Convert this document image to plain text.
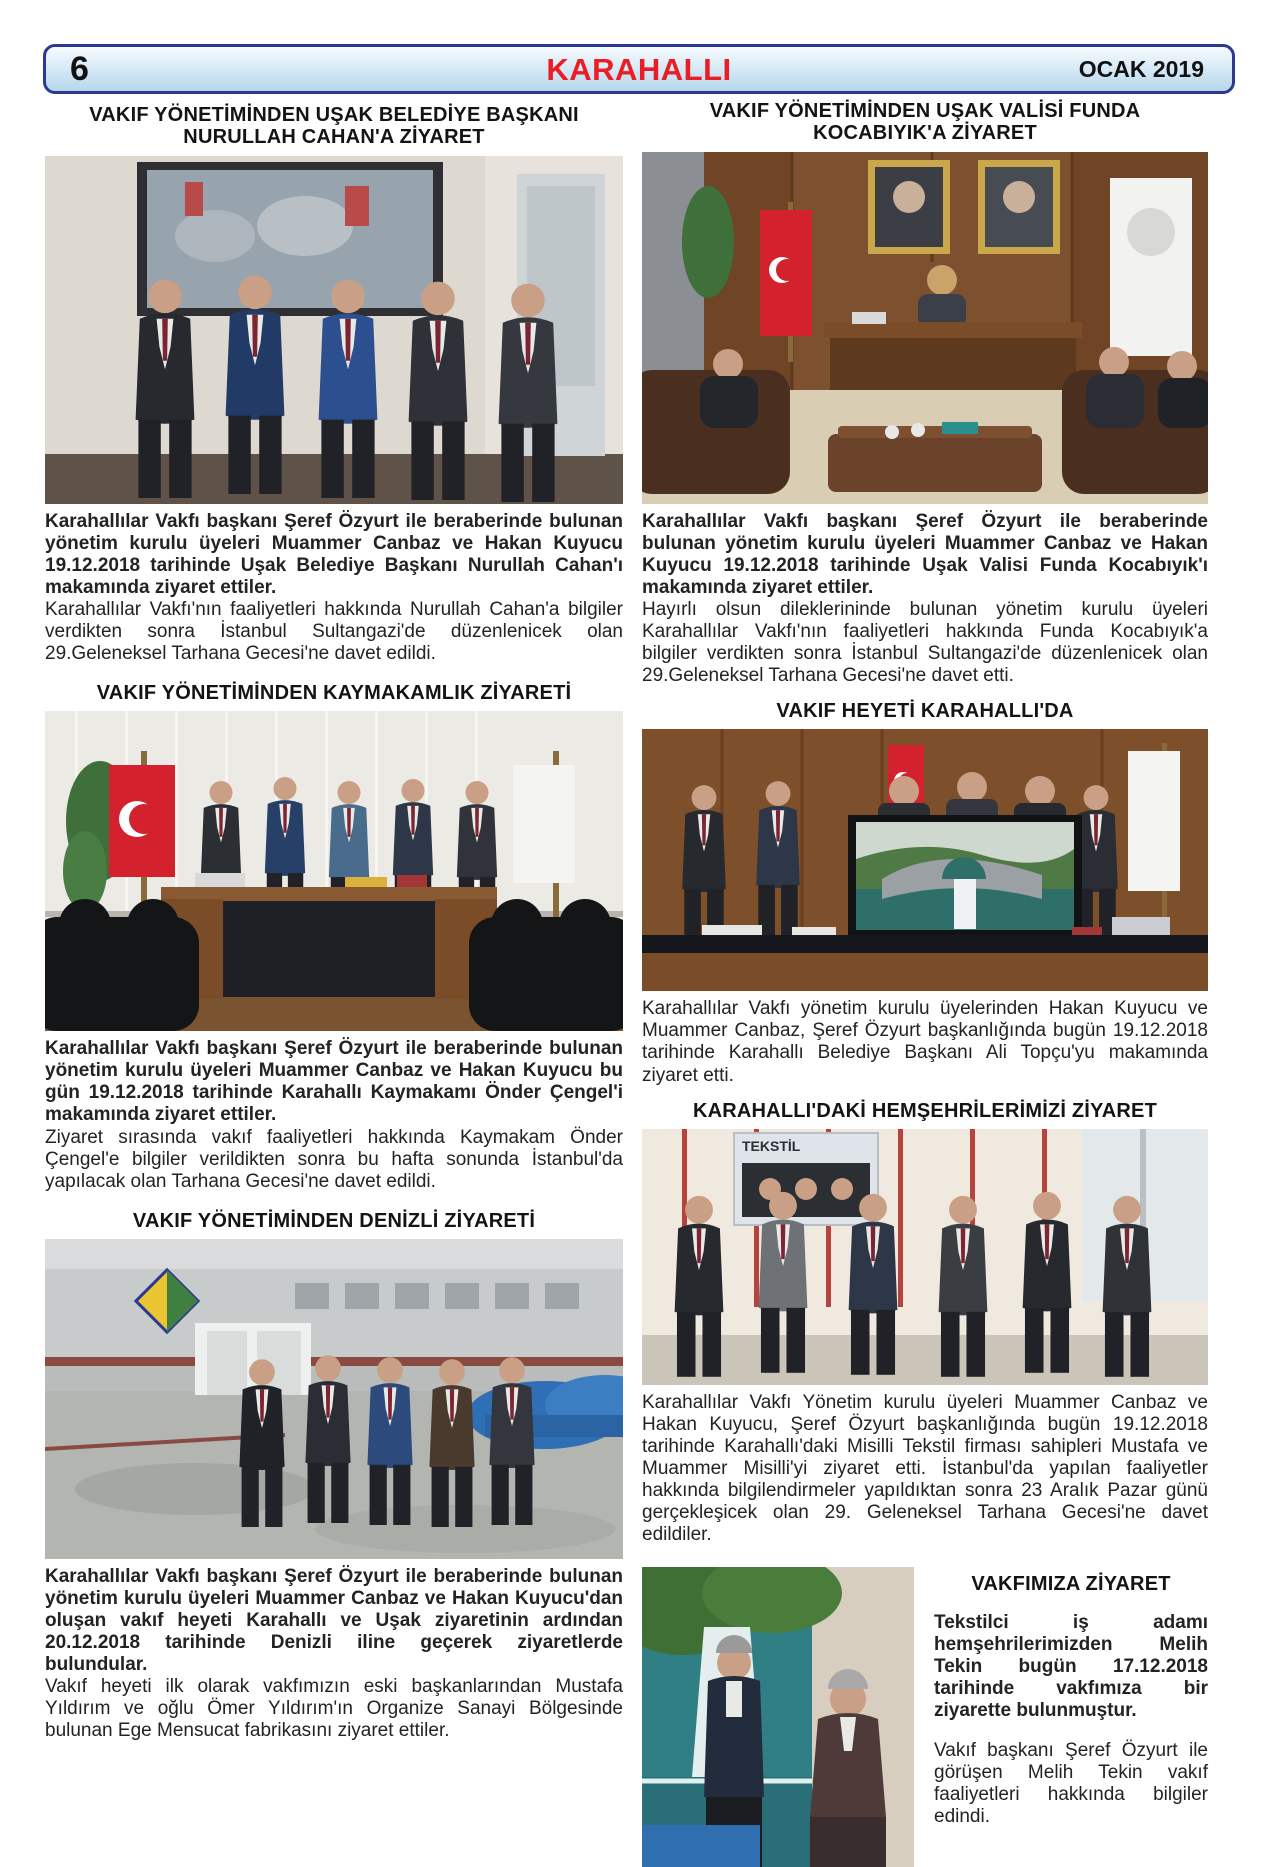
6	KARAHALLI	OCAK 2019
VAKIF YÖNETİMİNDEN UŞAK BELEDİYE BAŞKANI NURULLAH CAHAN'A ZİYARET

Karahallılar Vakfı başkanı Şeref Özyurt ile beraberinde bulunan yönetim kurulu üyeleri Muammer Canbaz ve Hakan Kuyucu 19.12.2018 tarihinde Uşak Belediye Başkanı Nurullah Cahan'ı makamında ziyaret ettiler.

Karahallılar Vakfı'nın faaliyetleri hakkında Nurullah Cahan'a bilgiler verdikten sonra İstanbul Sultangazi'de düzenlenicek olan 29.Geleneksel Tarhana Gecesi'ne davet edildi.

VAKIF YÖNETİMİNDEN KAYMAKAMLIK ZİYARETİ

Karahallılar Vakfı başkanı Şeref Özyurt ile beraberinde bulunan yönetim kurulu üyeleri Muammer Canbaz ve Hakan Kuyucu bu gün 19.12.2018 tarihinde Karahallı Kaymakamı Önder Çengel'i makamında ziyaret ettiler.

Ziyaret sırasında vakıf faaliyetleri hakkında Kaymakam Önder Çengel'e bilgiler verildikten sonra bu hafta sonunda İstanbul'da yapılacak olan Tarhana Gecesi'ne davet edildi.

VAKIF YÖNETİMİNDEN DENİZLİ ZİYARETİ

Karahallılar Vakfı başkanı Şeref Özyurt ile beraberinde bulunan yönetim kurulu üyeleri Muammer Canbaz ve Hakan Kuyucu'dan oluşan vakıf heyeti Karahallı ve Uşak ziyaretinin ardından 20.12.2018 tarihinde Denizli iline geçerek ziyaretlerde bulundular.

Vakıf heyeti ilk olarak vakfımızın eski başkanlarından Mustafa Yıldırım ve oğlu Ömer Yıldırım'ın Organize Sanayi Bölgesinde bulunan Ege Mensucat fabrikasını ziyaret ettiler.

VAKIF YÖNETİMİNDEN UŞAK VALİSİ FUNDA KOCABIYIK'A ZİYARET

Karahallılar Vakfı başkanı Şeref Özyurt ile beraberinde bulunan yönetim kurulu üyeleri Muammer Canbaz ve Hakan Kuyucu 19.12.2018 tarihinde Uşak Valisi Funda Kocabıyık'ı makamında ziyaret ettiler.

Hayırlı olsun dileklerininde bulunan yönetim kurulu üyeleri Karahallılar Vakfı'nın faaliyetleri hakkında Funda Kocabıyık'a bilgiler verdikten sonra İstanbul Sultangazi'de düzenlenicek olan 29.Geleneksel Tarhana Gecesi'ne davet etti.

VAKIF HEYETİ KARAHALLI'DA

Karahallılar Vakfı yönetim kurulu üyelerinden Hakan Kuyucu ve Muammer Canbaz, Şeref Özyurt başkanlığında bugün 19.12.2018 tarihinde Karahallı Belediye Başkanı Ali Topçu'yu makamında ziyaret etti.

KARAHALLI'DAKİ HEMŞEHRİLERİMİZİ ZİYARET
TEKSTİL

Karahallılar Vakfı Yönetim kurulu üyeleri Muammer Canbaz ve Hakan Kuyucu, Şeref Özyurt başkanlığında bugün 19.12.2018 tarihinde Karahallı'daki Misilli Tekstil firması sahipleri Mustafa ve Muammer Misilli'yi ziyaret etti. İstanbul'da yapılan faaliyetler hakkında bilgilendirmeler yapıldıktan sonra 23 Aralık Pazar günü gerçekleşicek olan 29. Geleneksel Tarhana Gecesi'ne davet edildiler.

VAKFIMIZA ZİYARET

Tekstilci iş adamı hemşehrilerimizden Melih Tekin bugün 17.12.2018 tarihinde vakfımıza bir ziyarette bulunmuştur.

Vakıf başkanı Şeref Özyurt ile görüşen Melih Tekin vakıf faaliyetleri hakkında bilgiler edindi.
